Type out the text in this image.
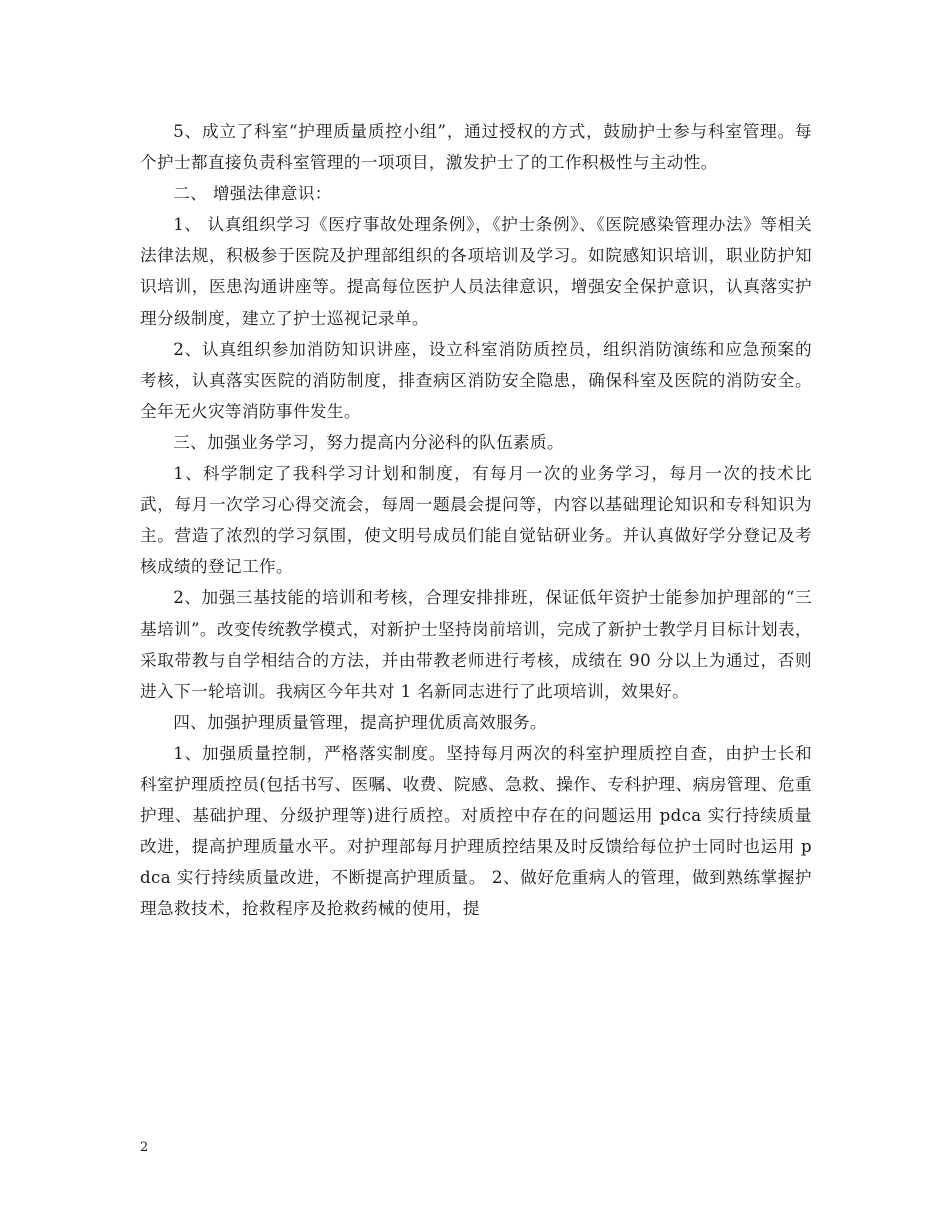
5、成立了科室“护理质量质控小组”，通过授权的方式，鼓励护士参与科室管理。每个护士都直接负责科室管理的一项项目，激发护士了的工作积极性与主动性。

二、 增强法律意识：

1、 认真组织学习《医疗事故处理条例》，《护士条例》、《医院感染管理办法》等相关法律法规，积极参于医院及护理部组织的各项培训及学习。如院感知识培训，职业防护知识培训，医患沟通讲座等。提高每位医护人员法律意识，增强安全保护意识，认真落实护理分级制度，建立了护士巡视记录单。

2、认真组织参加消防知识讲座，设立科室消防质控员，组织消防演练和应急预案的考核，认真落实医院的消防制度，排查病区消防安全隐患，确保科室及医院的消防安全。全年无火灾等消防事件发生。

三、加强业务学习，努力提高内分泌科的队伍素质。

1、科学制定了我科学习计划和制度，有每月一次的业务学习，每月一次的技术比武，每月一次学习心得交流会，每周一题晨会提问等，内容以基础理论知识和专科知识为主。营造了浓烈的学习氛围，使文明号成员们能自觉钻研业务。并认真做好学分登记及考核成绩的登记工作。

2、加强三基技能的培训和考核，合理安排排班，保证低年资护士能参加护理部的“三基培训”。改变传统教学模式，对新护士坚持岗前培训，完成了新护士教学月目标计划表，采取带教与自学相结合的方法，并由带教老师进行考核，成绩在 90 分以上为通过，否则进入下一轮培训。我病区今年共对 1 名新同志进行了此项培训，效果好。

四、加强护理质量管理，提高护理优质高效服务。

1、加强质量控制，严格落实制度。坚持每月两次的科室护理质控自查，由护士长和科室护理质控员(包括书写、医嘱、收费、院感、急救、操作、专科护理、病房管理、危重护理、基础护理、分级护理等)进行质控。对质控中存在的问题运用 pdca 实行持续质量改进，提高护理质量水平。对护理部每月护理质控结果及时反馈给每位护士同时也运用 pdca 实行持续质量改进，不断提高护理质量。 2、做好危重病人的管理，做到熟练掌握护理急救技术，抢救程序及抢救药械的使用，提

2
